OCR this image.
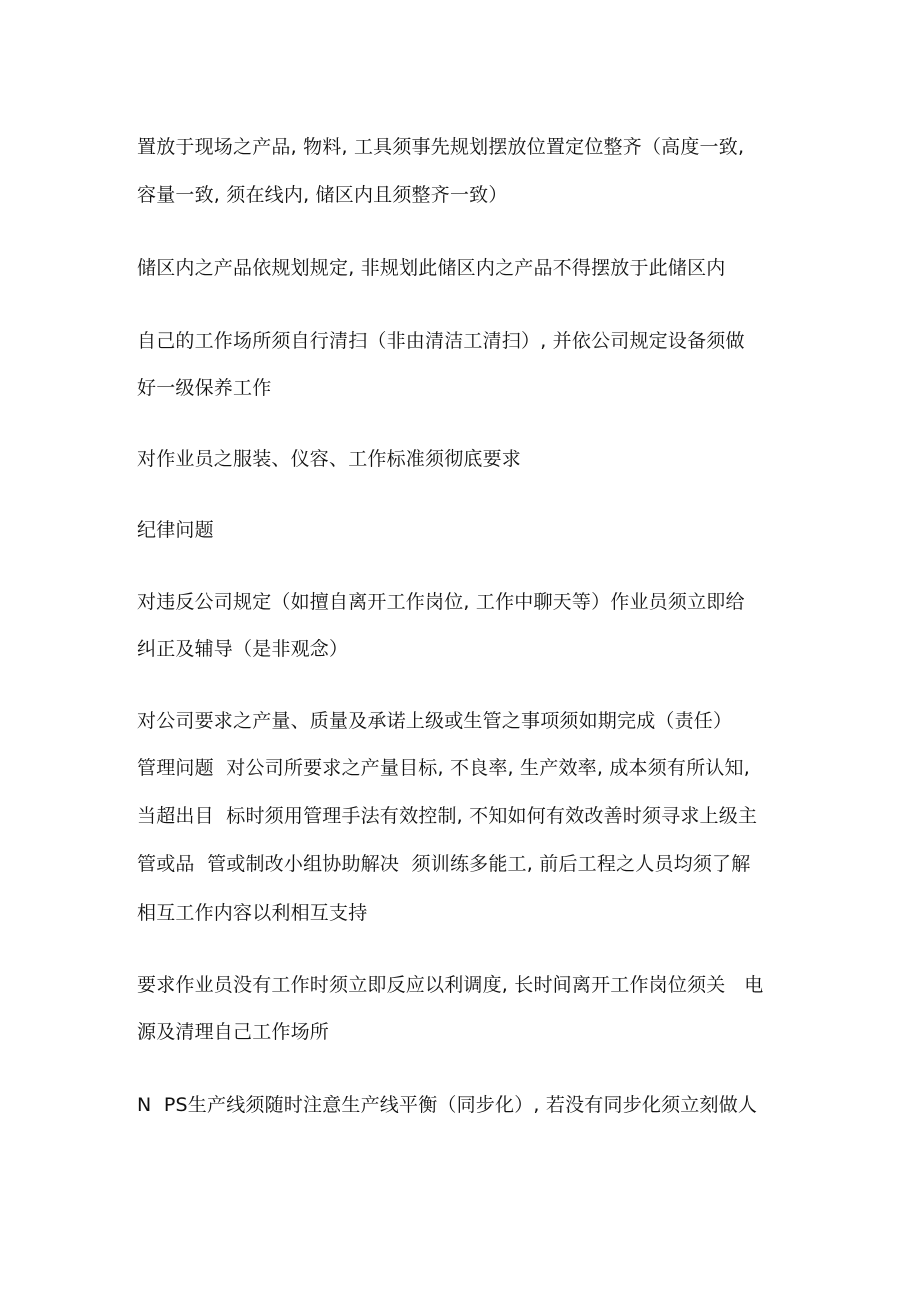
置放于现场之产品, 物料, 工具须事先规划摆放位置定位整齐（高度一致,
容量一致, 须在线内, 储区内且须整齐一致）
储区内之产品依规划规定, 非规划此储区内之产品不得摆放于此储区内
自己的工作场所须自行清扫（非由清洁工清扫）, 并依公司规定设备须做
好一级保养工作
对作业员之服装、仪容、工作标准须彻底要求
纪律问题
对违反公司规定（如擅自离开工作岗位, 工作中聊天等）作业员须立即给
纠正及辅导（是非观念）
对公司要求之产量、质量及承诺上级或生管之事项须如期完成（责任）
管理问题  对公司所要求之产量目标, 不良率, 生产效率, 成本须有所认知,
当超出目  标时须用管理手法有效控制, 不知如何有效改善时须寻求上级主
管或品  管或制改小组协助解决  须训练多能工, 前后工程之人员均须了解
相互工作内容以利相互支持
要求作业员没有工作时须立即反应以利调度, 长时间离开工作岗位须关   电
源及清理自己工作场所
N  PS生产线须随时注意生产线平衡（同步化）, 若没有同步化须立刻做人
